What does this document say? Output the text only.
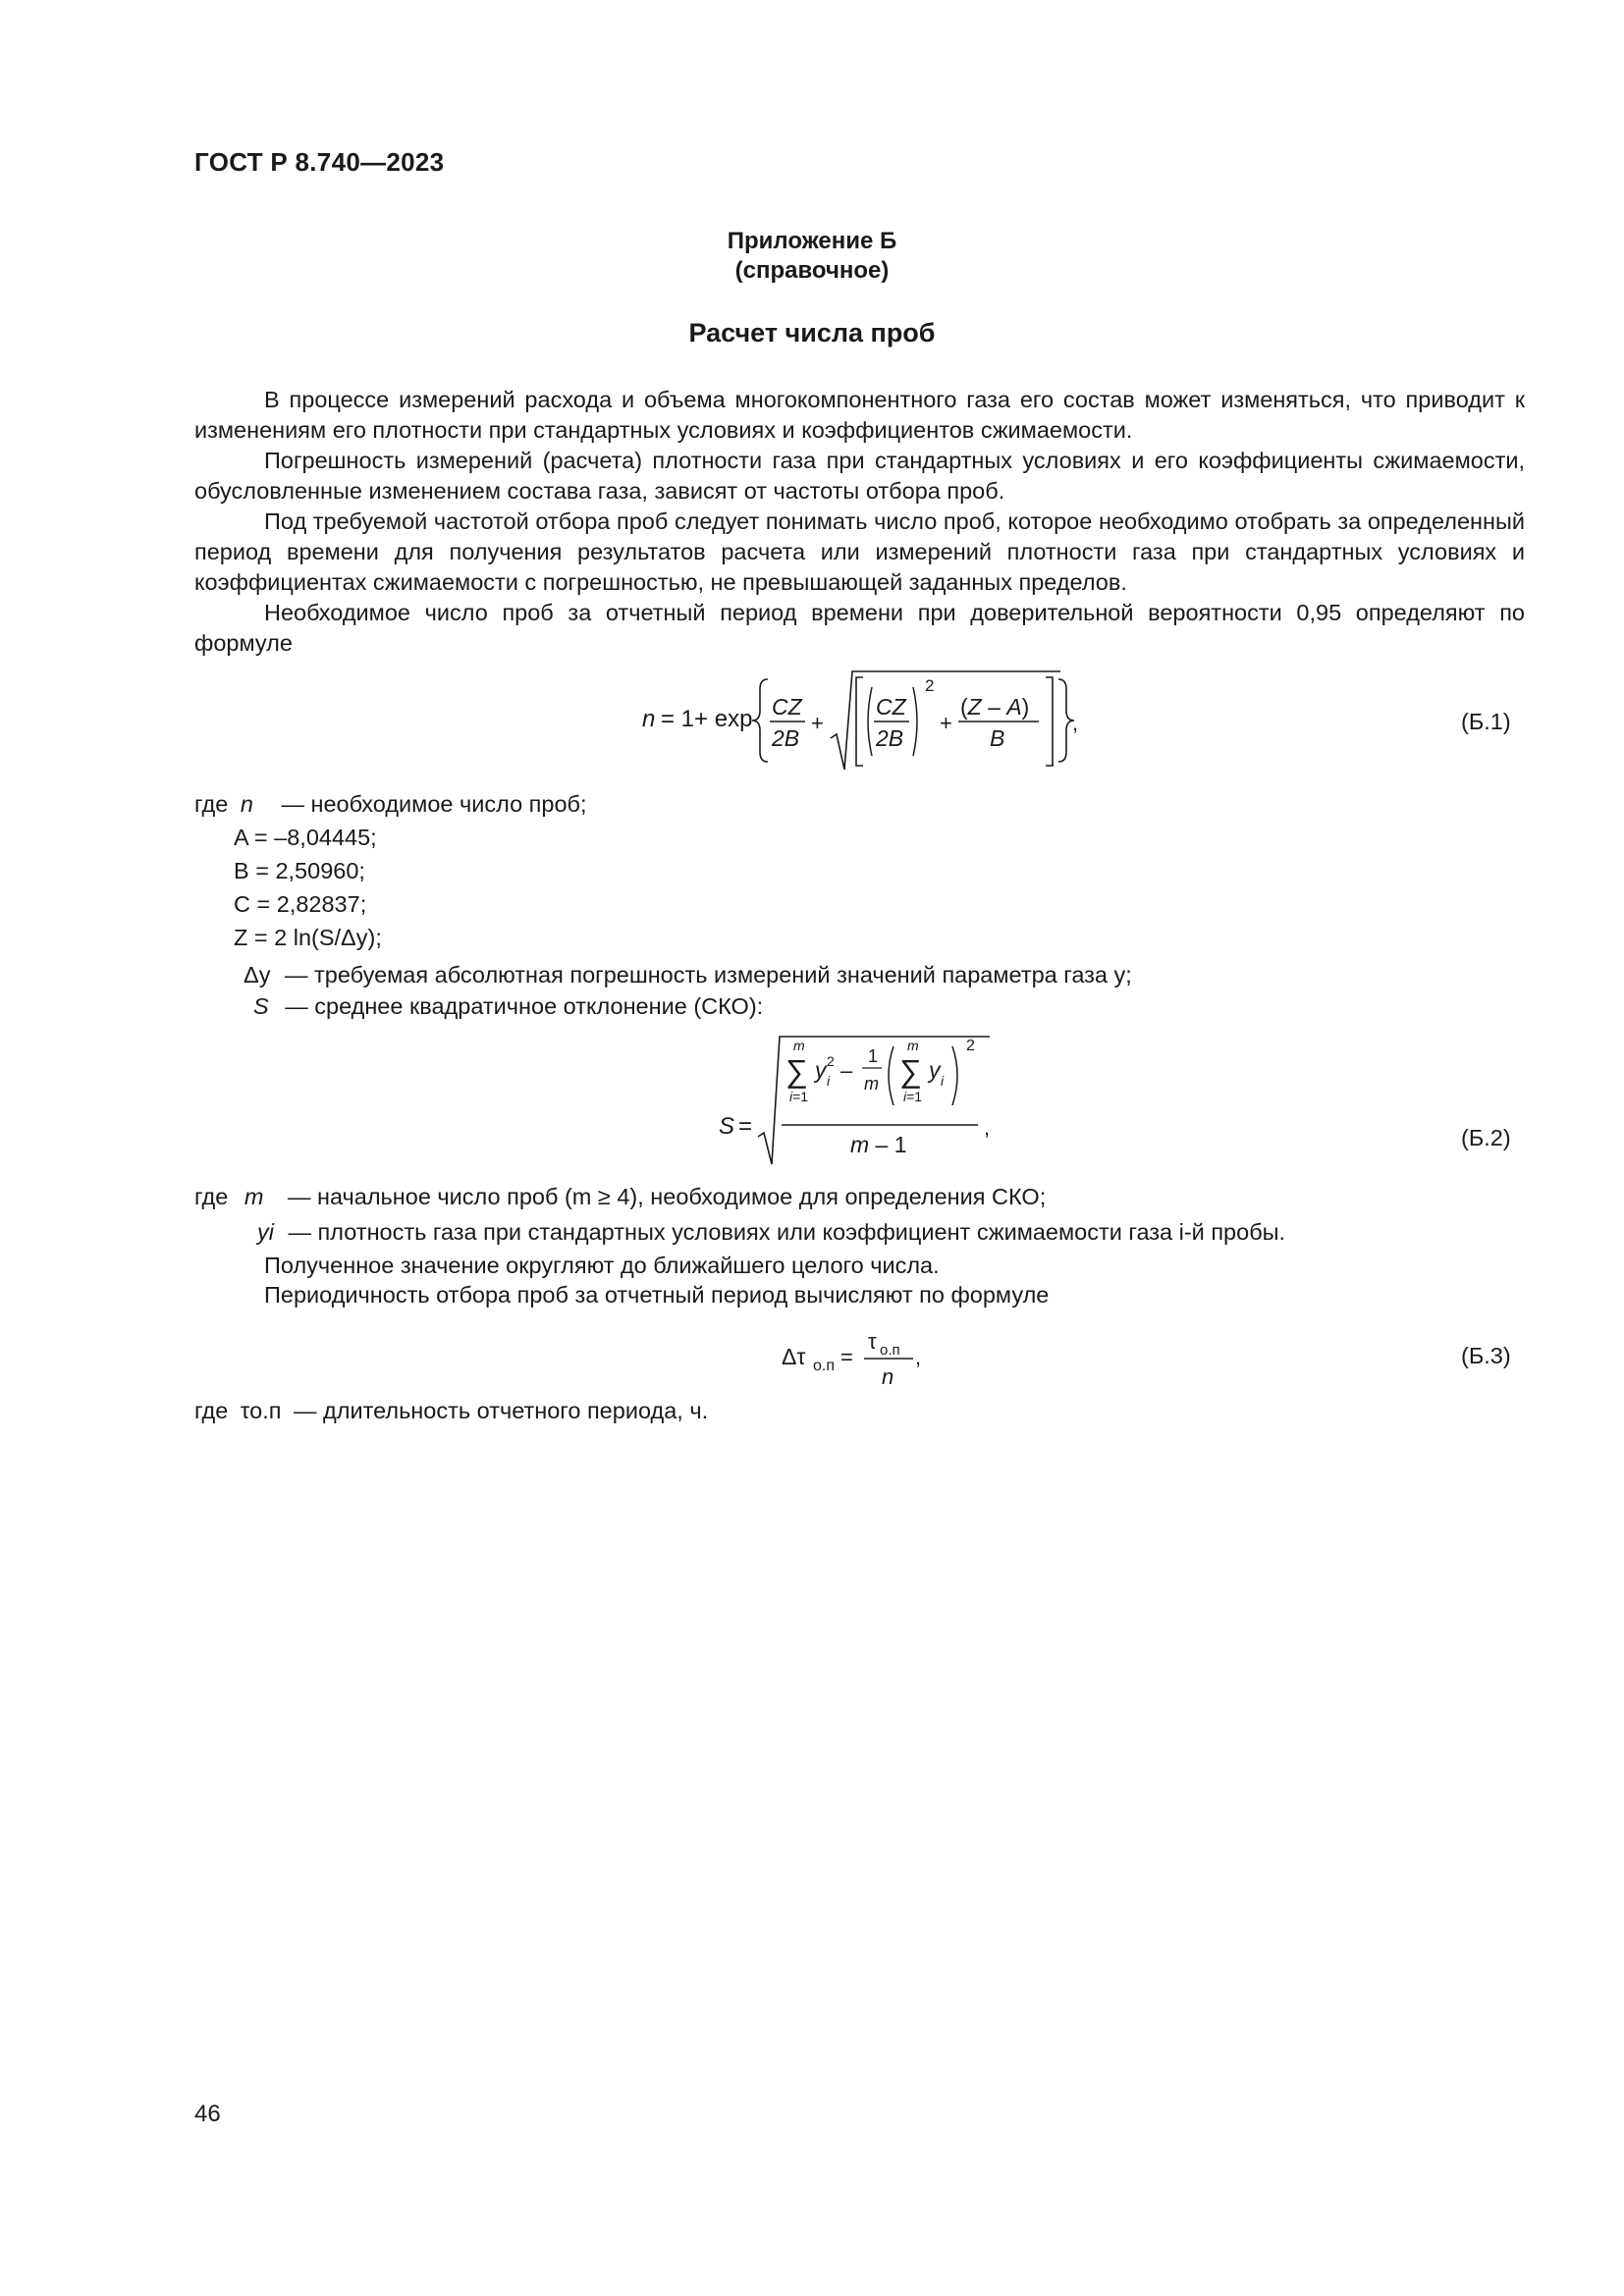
ГОСТ Р 8.740—2023
Приложение Б
(справочное)
Расчет числа проб
В процессе измерений расхода и объема многокомпонентного газа его состав может изменяться, что приводит к изменениям его плотности при стандартных условиях и коэффициентов сжимаемости.
Погрешность измерений (расчета) плотности газа при стандартных условиях и его коэффициенты сжимаемости, обусловленные изменением состава газа, зависят от частоты отбора проб.
Под требуемой частотой отбора проб следует понимать число проб, которое необходимо отобрать за определенный период времени для получения результатов расчета или измерений плотности газа при стандартных условиях и коэффициентах сжимаемости с погрешностью, не превышающей заданных пределов.
Необходимое число проб за отчетный период времени при доверительной вероятности 0,95 определяют по формуле
n = 1+ exp CZ
2B
+
CZ
2B
2
+
(Z – A)
B
,	(Б.1)
где n — необходимое число проб;
A = –8,04445;
B = 2,50960;
C = 2,82837;
Z = 2 ln(S/Δy);
Δy — требуемая абсолютная погрешность измерений значений параметра газа y;
S — среднее квадратичное отклонение (СКО):
S =
m
∑
i=1
y i
2 –
1
m
m
∑
i=1
y i
2
m – 1
,	(Б.2)
где m — начальное число проб (m ≥ 4), необходимое для определения СКО;
yi — плотность газа при стандартных условиях или коэффициент сжимаемости газа i-й пробы.
Полученное значение округляют до ближайшего целого числа.
Периодичность отбора проб за отчетный период вычисляют по формуле
Δτ о.п =
τ о.п
n
,	(Б.3)
где τо.п — длительность отчетного периода, ч.
46
